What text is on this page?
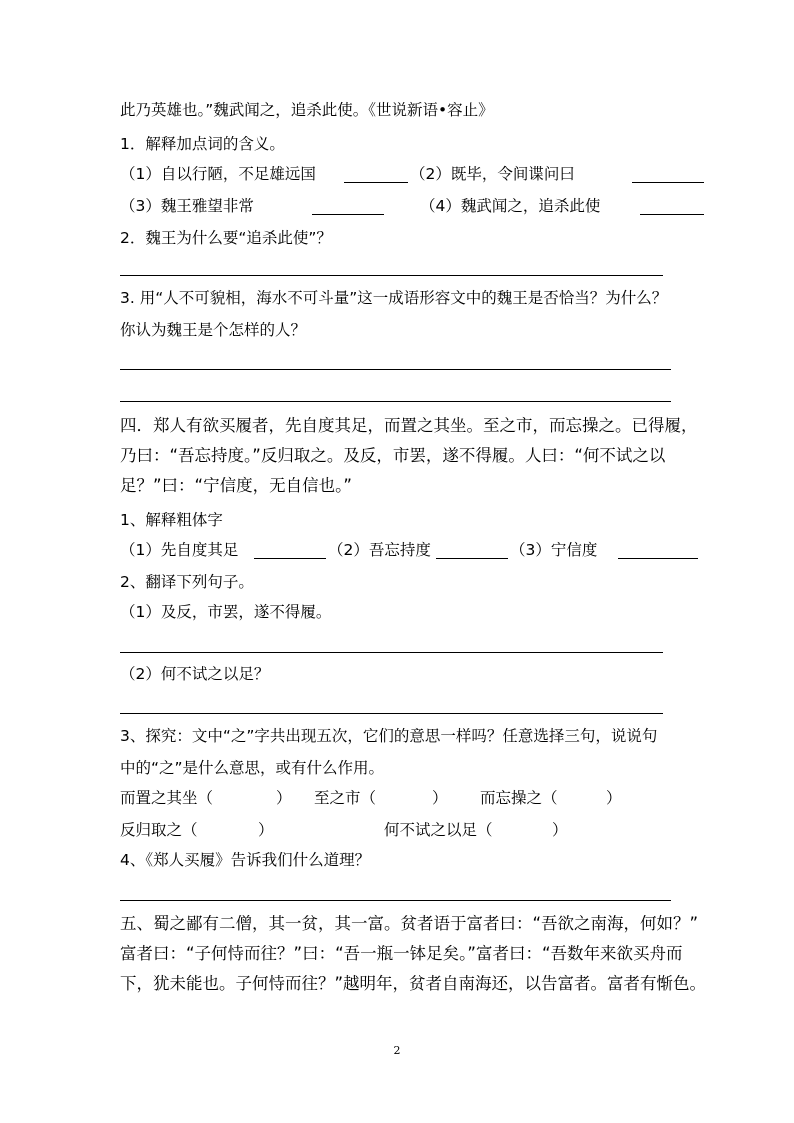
此乃英雄也。”魏武闻之，追杀此使。《世说新语•容止》
1．解释加点词的含义。
（1）自以行陋，不足雄远国	（2）既毕，令间谍问曰
（3）魏王雅望非常	（4）魏武闻之，追杀此使
2．魏王为什么要“追杀此使”？
3. 用“人不可貌相，海水不可斗量”这一成语形容文中的魏王是否恰当？为什么？
你认为魏王是个怎样的人？
四．郑人有欲买履者，先自度其足，而置之其坐。至之市，而忘操之。已得履，
乃曰：“吾忘持度。”反归取之。及反，市罢，遂不得履。人曰：“何不试之以
足？”曰：“宁信度，无自信也。”
1、解释粗体字
（1）先自度其足	（2）吾忘持度	（3）宁信度
2、翻译下列句子。
（1）及反，市罢，遂不得履。
（2）何不试之以足？
3、探究：文中“之”字共出现五次，它们的意思一样吗？任意选择三句，说说句
中的“之”是什么意思，或有什么作用。
而置之其坐（	） 至之市（	） 而忘操之（	）
反归取之（	）	何不试之以足（	）
4、《郑人买履》告诉我们什么道理？
五、蜀之鄙有二僧，其一贫，其一富。贫者语于富者曰：“吾欲之南海，何如？”
富者曰：“子何恃而往？”曰：“吾一瓶一钵足矣。”富者曰：“吾数年来欲买舟而
下，犹未能也。子何恃而往？”越明年，贫者自南海还，以告富者。富者有惭色。
2
